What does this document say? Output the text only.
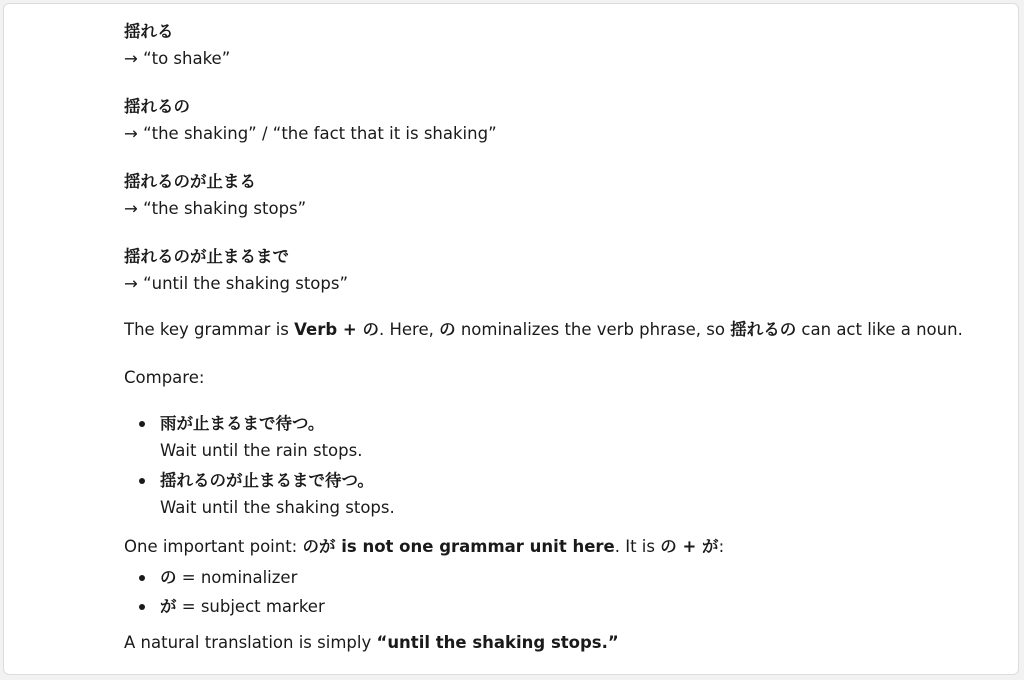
揺れる
→ “to shake”
揺れるの
→ “the shaking” / “the fact that it is shaking”
揺れるのが止まる
→ “the shaking stops”
揺れるのが止まるまで
→ “until the shaking stops”

The key grammar is Verb + の. Here, の nominalizes the verb phrase, so 揺れるの can act like a noun.

Compare:

雨が止まるまで待つ。
Wait until the rain stops.
揺れるのが止まるまで待つ。
Wait until the shaking stops.

One important point: のが is not one grammar unit here. It is の + が:

の = nominalizer
が = subject marker

A natural translation is simply “until the shaking stops.”
